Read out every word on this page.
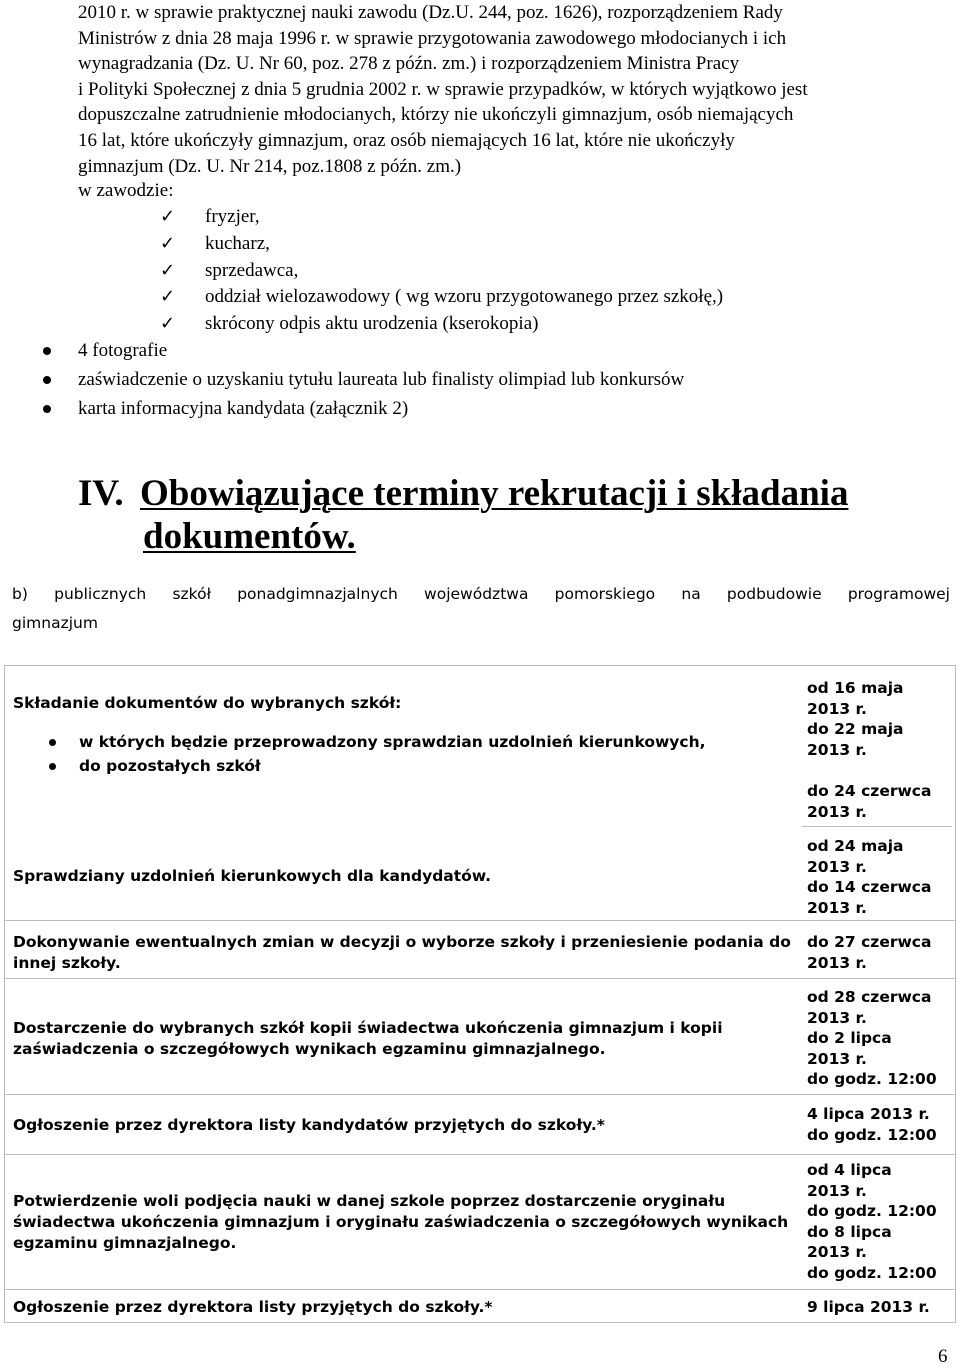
2010 r. w sprawie praktycznej nauki zawodu (Dz.U. 244, poz. 1626), rozporządzeniem Rady

Ministrów z dnia 28 maja 1996 r. w sprawie przygotowania zawodowego młodocianych i ich

wynagradzania (Dz. U. Nr 60, poz. 278 z późn. zm.) i rozporządzeniem Ministra Pracy

i Polityki Społecznej z dnia 5 grudnia 2002 r. w sprawie przypadków, w których wyjątkowo jest

dopuszczalne zatrudnienie młodocianych, którzy nie ukończyli gimnazjum, osób niemających

16 lat, które ukończyły gimnazjum, oraz osób niemających 16 lat, które nie ukończyły

gimnazjum (Dz. U. Nr 214, poz.1808 z późn. zm.)

w zawodzie:
✓ fryzjer,
✓ kucharz,
✓ sprzedawca,
✓ oddział wielozawodowy ( wg wzoru przygotowanego przez szkołę,)
✓ skrócony odpis aktu urodzenia (kserokopia)
4 fotografie
zaświadczenie o uzyskaniu tytułu laureata lub finalisty olimpiad lub konkursów
karta informacyjna kandydata (załącznik 2)
IV. Obowiązujące terminy rekrutacji i składania
dokumentów.
b) publicznych szkół ponadgimnazjalnych województwa pomorskiego na podbudowie programowej
gimnazjum
Składanie dokumentów do wybranych szkół:
w których będzie przeprowadzony sprawdzian uzdolnień kierunkowych,
do pozostałych szkół
od 16 maja
2013 r.
do 22 maja
2013 r.
do 24 czerwca
2013 r.
Sprawdziany uzdolnień kierunkowych dla kandydatów.
od 24 maja
2013 r.
do 14 czerwca
2013 r.
Dokonywanie ewentualnych zmian w decyzji o wyborze szkoły i przeniesienie podania do innej szkoły.
do 27 czerwca
2013 r.
Dostarczenie do wybranych szkół kopii świadectwa ukończenia gimnazjum i kopii zaświadczenia o szczegółowych wynikach egzaminu gimnazjalnego.
od 28 czerwca
2013 r.
do 2 lipca
2013 r.
do godz. 12:00
Ogłoszenie przez dyrektora listy kandydatów przyjętych do szkoły.*
4 lipca 2013 r.
do godz. 12:00
Potwierdzenie woli podjęcia nauki w danej szkole poprzez dostarczenie oryginału świadectwa ukończenia gimnazjum i oryginału zaświadczenia o szczegółowych wynikach egzaminu gimnazjalnego.
od 4 lipca
2013 r.
do godz. 12:00
do 8 lipca
2013 r.
do godz. 12:00
Ogłoszenie przez dyrektora listy przyjętych do szkoły.*	9 lipca 2013 r.
6
